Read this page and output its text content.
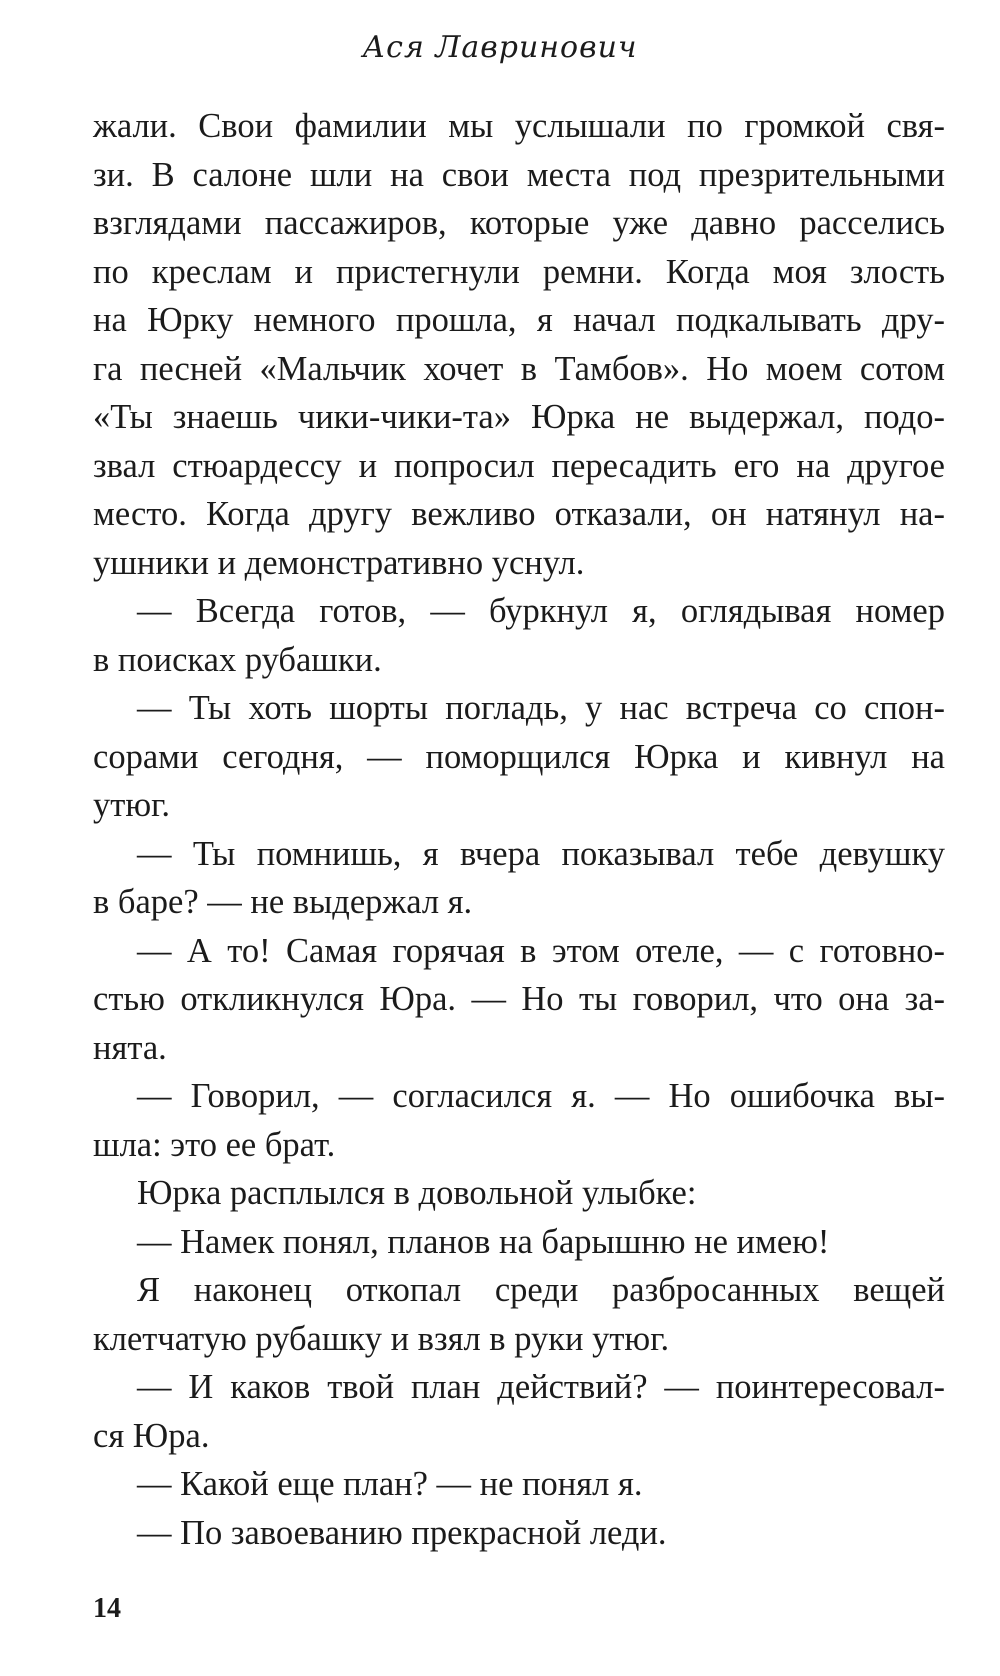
Ася Лавринович
жали. Свои фамилии мы услышали по громкой свя-
зи. В салоне шли на свои места под презрительными
взглядами пассажиров, которые уже давно расселись
по креслам и пристегнули ремни. Когда моя злость
на Юрку немного прошла, я начал подкалывать дру-
га песней «Мальчик хочет в Тамбов». Но моем сотом
«Ты знаешь чики-чики-та» Юрка не выдержал, подо-
звал стюардессу и попросил пересадить его на другое
место. Когда другу вежливо отказали, он натянул на-
ушники и демонстративно уснул.
— Всегда готов, — буркнул я, оглядывая номер
в поисках рубашки.
— Ты хоть шорты погладь, у нас встреча со спон-
сорами сегодня, — поморщился Юрка и кивнул на
утюг.
— Ты помнишь, я вчера показывал тебе девушку
в баре? — не выдержал я.
— А то! Самая горячая в этом отеле, — с готовно-
стью откликнулся Юра. — Но ты говорил, что она за-
нята.
— Говорил, — согласился я. — Но ошибочка вы-
шла: это ее брат.
Юрка расплылся в довольной улыбке:
— Намек понял, планов на барышню не имею!
Я наконец откопал среди разбросанных вещей
клетчатую рубашку и взял в руки утюг.
— И каков твой план действий? — поинтересовал-
ся Юра.
— Какой еще план? — не понял я.
— По завоеванию прекрасной леди.
14
